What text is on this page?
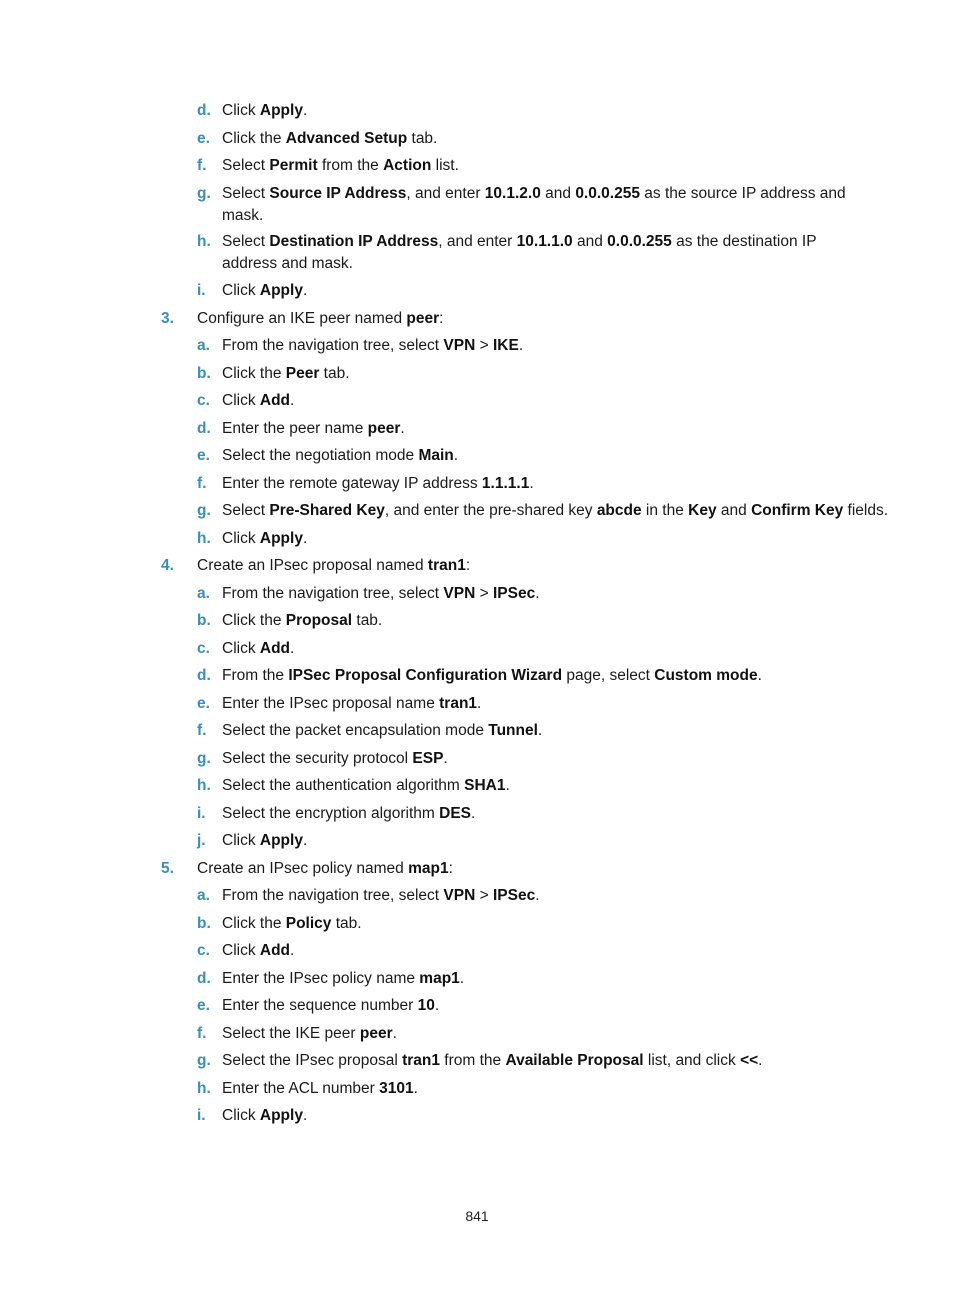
d. Click Apply.
e. Click the Advanced Setup tab.
f.	Select Permit from the Action list.
g. Select Source IP Address, and enter 10.1.2.0 and 0.0.0.255 as the source IP address and mask.
h. Select Destination IP Address, and enter 10.1.1.0 and 0.0.0.255 as the destination IP address and mask.
i.	Click Apply.
3.	Configure an IKE peer named peer:
a. From the navigation tree, select VPN > IKE.
b. Click the Peer tab.
c. Click Add.
d. Enter the peer name peer.
e. Select the negotiation mode Main.
f.	Enter the remote gateway IP address 1.1.1.1.
g. Select Pre-Shared Key, and enter the pre-shared key abcde in the Key and Confirm Key fields.
h. Click Apply.
4.	Create an IPsec proposal named tran1:
a. From the navigation tree, select VPN > IPSec.
b. Click the Proposal tab.
c. Click Add.
d. From the IPSec Proposal Configuration Wizard page, select Custom mode.
e. Enter the IPsec proposal name tran1.
f.	Select the packet encapsulation mode Tunnel.
g. Select the security protocol ESP.
h. Select the authentication algorithm SHA1.
i.	Select the encryption algorithm DES.
j.	Click Apply.
5.	Create an IPsec policy named map1:
a. From the navigation tree, select VPN > IPSec.
b. Click the Policy tab.
c. Click Add.
d. Enter the IPsec policy name map1.
e. Enter the sequence number 10.
f.	Select the IKE peer peer.
g. Select the IPsec proposal tran1 from the Available Proposal list, and click <<.
h. Enter the ACL number 3101.
i.	Click Apply.
841
